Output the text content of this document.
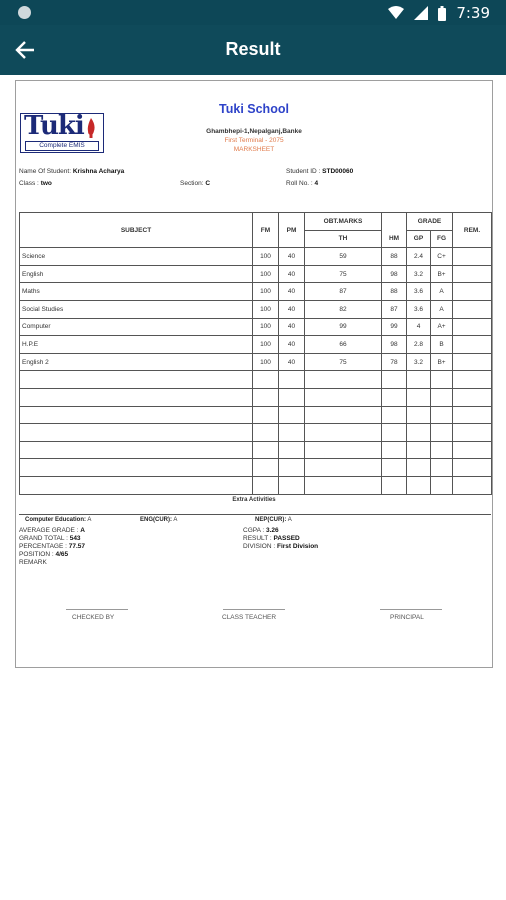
7:39
Result
Tuki School
Tuki
Complete EMIS
Ghambhepi-1,Nepalganj,Banke
First Terminal - 2075
MARKSHEET
Name Of Student: Krishna Acharya	Student ID : STD00060
Class : two	Section: C	Roll No. : 4
SUBJECT	FM	PM	OBT.MARKS		GRADE		REM.
			TH	HM	GP	FG	
Science	100	40	59	88	2.4	C+	
English	100	40	75	98	3.2	B+	
Maths	100	40	87	88	3.6	A	
Social Studies	100	40	82	87	3.6	A	
Computer	100	40	99	99	4	A+	
H.P.E	100	40	66	98	2.8	B	
English 2	100	40	75	78	3.2	B+	

Extra Activities
Computer Education: A	ENG(CUR): A	NEP(CUR): A
AVERAGE GRADE : A
GRAND TOTAL : 543
PERCENTAGE : 77.57
POSITION : 4/65
REMARK
CGPA : 3.26
RESULT : PASSED
DIVISION : First Division
CHECKED BY	CLASS TEACHER	PRINCIPAL
